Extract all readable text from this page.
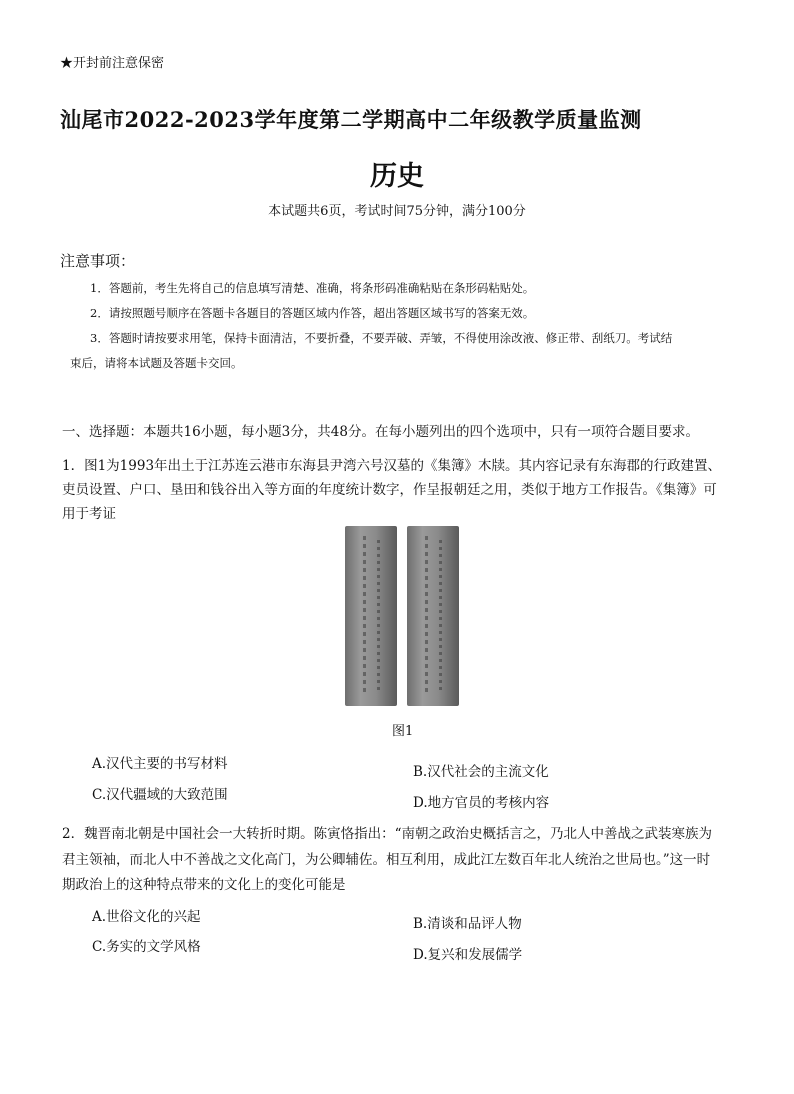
★开封前注意保密
汕尾市2022-2023学年度第二学期高中二年级教学质量监测
历史
本试题共6页，考试时间75分钟，满分100分
注意事项：
1．答题前，考生先将自己的信息填写清楚、准确，将条形码准确粘贴在条形码粘贴处。
2．请按照题号顺序在答题卡各题目的答题区域内作答，超出答题区域书写的答案无效。
3．答题时请按要求用笔，保持卡面清洁，不要折叠，不要弄破、弄皱，不得使用涂改液、修正带、刮纸刀。考试结
束后，请将本试题及答题卡交回。
一、选择题：本题共16小题，每小题3分，共48分。在每小题列出的四个选项中，只有一项符合题目要求。
1．图1为1993年出土于江苏连云港市东海县尹湾六号汉墓的《集簿》木牍。其内容记录有东海郡的行政建置、
吏员设置、户口、垦田和钱谷出入等方面的年度统计数字，作呈报朝廷之用，类似于地方工作报告。《集簿》可
用于考证
图1
A.汉代主要的书写材料	B.汉代社会的主流文化
C.汉代疆域的大致范围	D.地方官员的考核内容
2．魏晋南北朝是中国社会一大转折时期。陈寅恪指出：“南朝之政治史概括言之，乃北人中善战之武装寒族为
君主领袖，而北人中不善战之文化高门，为公卿辅佐。相互利用，成此江左数百年北人统治之世局也。”这一时
期政治上的这种特点带来的文化上的变化可能是
A.世俗文化的兴起	B.清谈和品评人物
C.务实的文学风格	D.复兴和发展儒学
